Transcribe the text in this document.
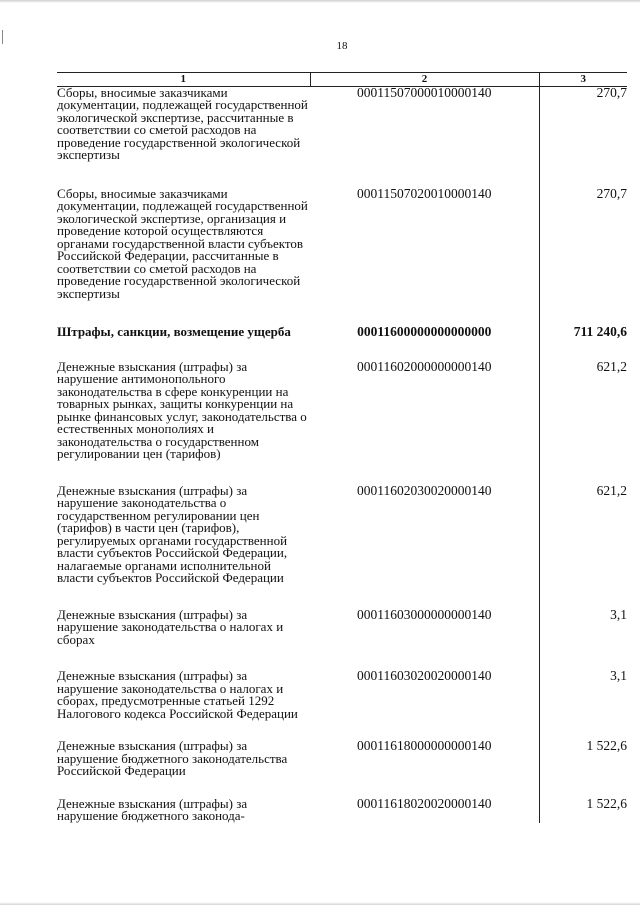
18
1	2	3
Сборы, вносимые заказчиками документации, подлежащей государственной экологической экспертизе, рассчитанные в соответствии со сметой расходов на проведение государственной экологической экспертизы	00011507000010000140	270,7
Сборы, вносимые заказчиками документации, подлежащей государственной экологической экспертизе, организация и проведение которой осуществляются органами государственной власти субъектов Российской Федерации, рассчитанные в соответствии со сметой расходов на проведение государственной экологической экспертизы	00011507020010000140	270,7
Штрафы, санкции, возмещение ущерба	00011600000000000000	711 240,6
Денежные взыскания (штрафы) за нарушение антимонопольного законодательства в сфере конкуренции на товарных рынках, защиты конкуренции на рынке финансовых услуг, законодательства о естественных монополиях и законодательства о государственном регулировании цен (тарифов)	00011602000000000140	621,2
Денежные взыскания (штрафы) за нарушение законодательства о государственном регулировании цен (тарифов) в части цен (тарифов), регулируемых органами государственной власти субъектов Российской Федерации, налагаемые органами исполнительной власти субъектов Российской Федерации	00011602030020000140	621,2
Денежные взыскания (штрафы) за нарушение законодательства о налогах и сборах	00011603000000000140	3,1
Денежные взыскания (штрафы) за нарушение законодательства о налогах и сборах, предусмотренные статьей 1292 Налогового кодекса Российской Федерации	00011603020020000140	3,1
Денежные взыскания (штрафы) за нарушение бюджетного законодательства Российской Федерации	00011618000000000140	1 522,6
Денежные взыскания (штрафы) за нарушение бюджетного законода-	00011618020020000140	1 522,6
